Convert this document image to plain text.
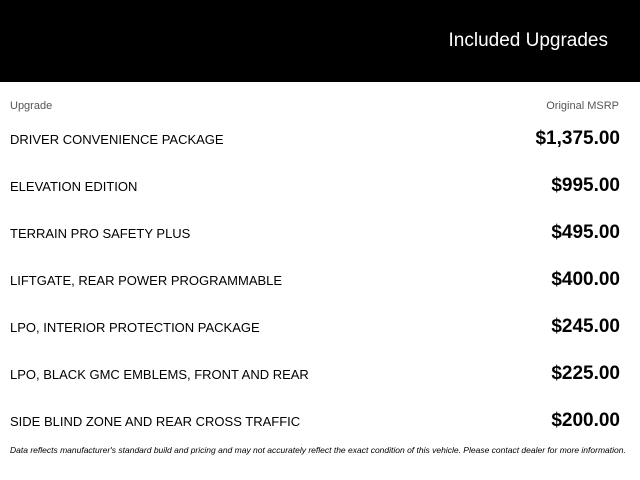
Included Upgrades
Upgrade	Original MSRP
DRIVER CONVENIENCE PACKAGE	$1,375.00
ELEVATION EDITION	$995.00
TERRAIN PRO SAFETY PLUS	$495.00
LIFTGATE, REAR POWER PROGRAMMABLE	$400.00
LPO, INTERIOR PROTECTION PACKAGE	$245.00
LPO, BLACK GMC EMBLEMS, FRONT AND REAR	$225.00
SIDE BLIND ZONE AND REAR CROSS TRAFFIC	$200.00
Data reflects manufacturer's standard build and pricing and may not accurately reflect the exact condition of this vehicle. Please contact dealer for more information.
